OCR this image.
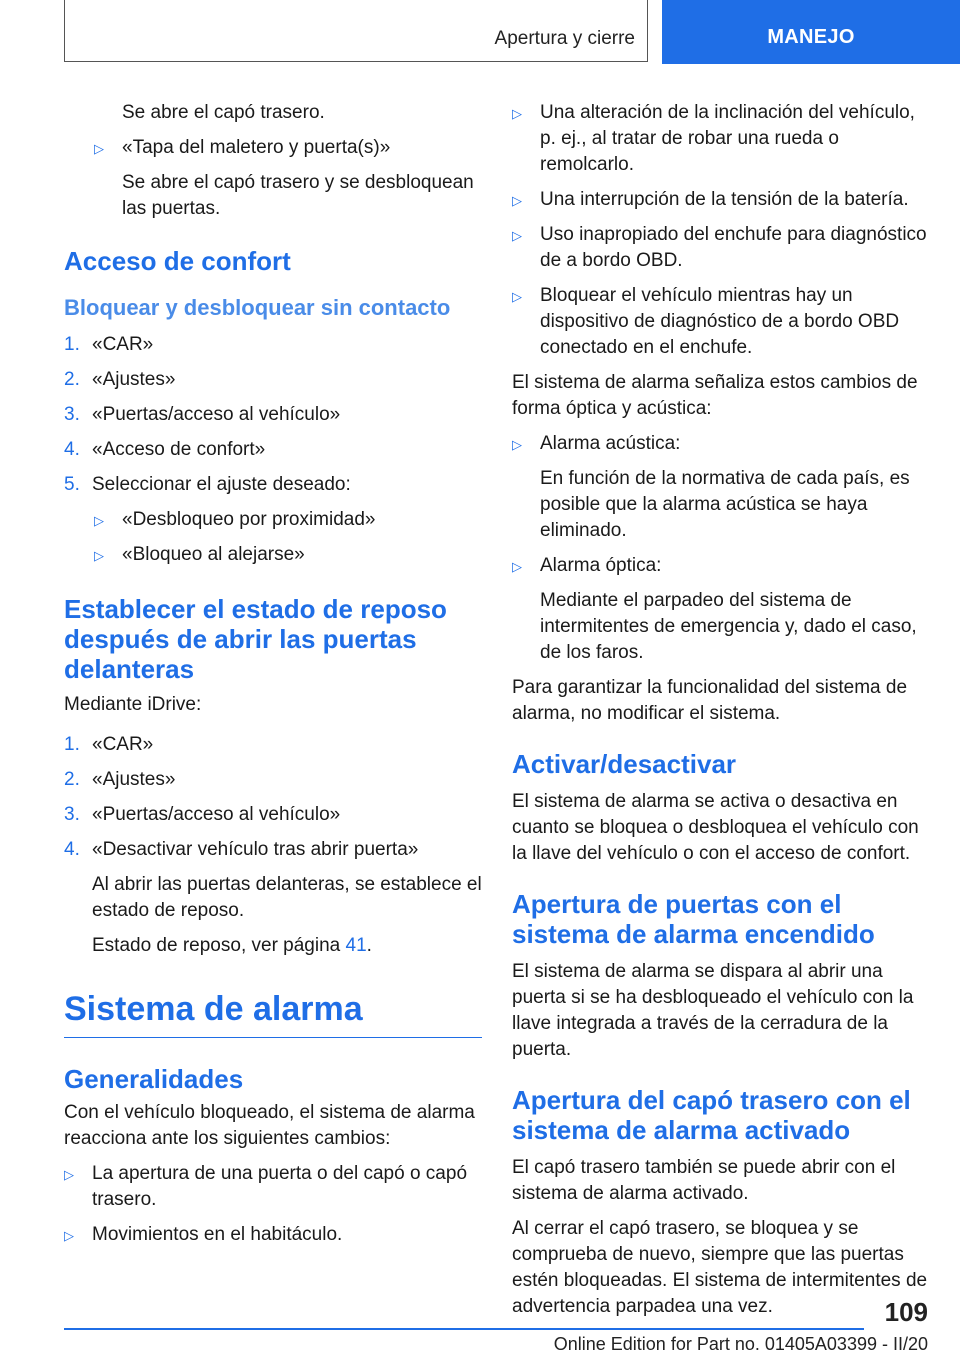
Apertura y cierre	MANEJO

Se abre el capó trasero.

▷ «Tapa del maletero y puerta(s)»

Se abre el capó trasero y se desbloquean las puertas.

Acceso de confort
Bloquear y desbloquear sin contacto
1. «CAR»
2. «Ajustes»
3. «Puertas/acceso al vehículo»
4. «Acceso de confort»
5. Seleccionar el ajuste deseado:
▷ «Desbloqueo por proximidad»
▷ «Bloqueo al alejarse»
Establecer el estado de reposo después de abrir las puertas delanteras

Mediante iDrive:

1. «CAR»
2. «Ajustes»
3. «Puertas/acceso al vehículo»
4. «Desactivar vehículo tras abrir puerta»

Al abrir las puertas delanteras, se establece el estado de reposo.

Estado de reposo, ver página 41.

Sistema de alarma
Generalidades

Con el vehículo bloqueado, el sistema de alarma reacciona ante los siguientes cambios:

▷ La apertura de una puerta o del capó o capó trasero.
▷ Movimientos en el habitáculo.
▷ Una alteración de la inclinación del vehículo, p. ej., al tratar de robar una rueda o remolcarlo.
▷ Una interrupción de la tensión de la batería.
▷ Uso inapropiado del enchufe para diagnóstico de a bordo OBD.
▷ Bloquear el vehículo mientras hay un dispositivo de diagnóstico de a bordo OBD conectado en el enchufe.

El sistema de alarma señaliza estos cambios de forma óptica y acústica:

▷ Alarma acústica:

En función de la normativa de cada país, es posible que la alarma acústica se haya eliminado.

▷ Alarma óptica:

Mediante el parpadeo del sistema de intermitentes de emergencia y, dado el caso, de los faros.

Para garantizar la funcionalidad del sistema de alarma, no modificar el sistema.

Activar/desactivar

El sistema de alarma se activa o desactiva en cuanto se bloquea o desbloquea el vehículo con la llave del vehículo o con el acceso de confort.

Apertura de puertas con el sistema de alarma encendido

El sistema de alarma se dispara al abrir una puerta si se ha desbloqueado el vehículo con la llave integrada a través de la cerradura de la puerta.

Apertura del capó trasero con el sistema de alarma activado

El capó trasero también se puede abrir con el sistema de alarma activado.

Al cerrar el capó trasero, se bloquea y se comprueba de nuevo, siempre que las puertas estén bloqueadas. El sistema de intermitentes de advertencia parpadea una vez.	109
Online Edition for Part no. 01405A03399 - II/20
